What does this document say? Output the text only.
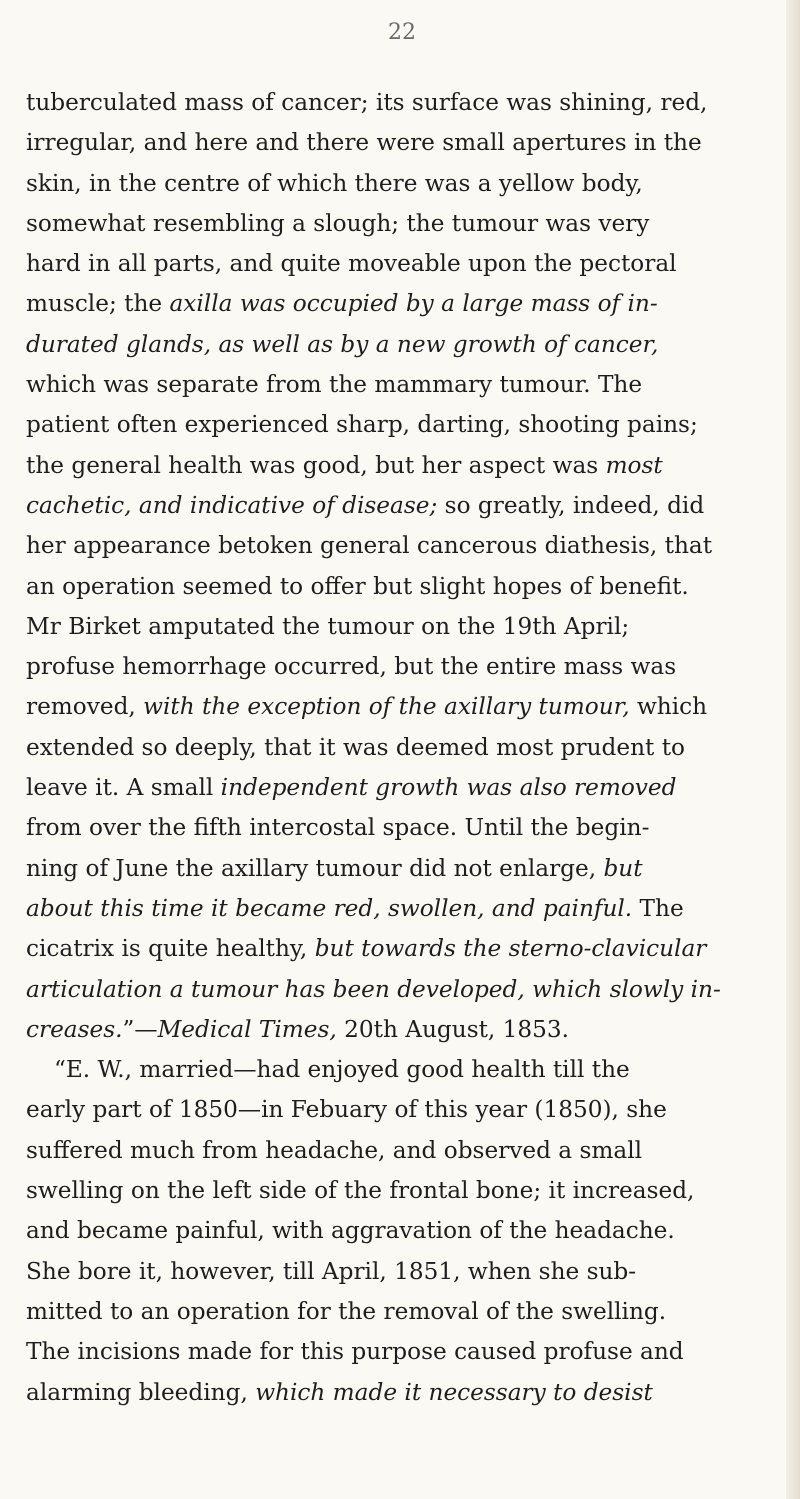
22
tuberculated mass of cancer; its surface was shining, red,
irregular, and here and there were small apertures in the
skin, in the centre of which there was a yellow body,
somewhat resembling a slough; the tumour was very
hard in all parts, and quite moveable upon the pectoral
muscle; the axilla was occupied by a large mass of in-
durated glands, as well as by a new growth of cancer,
which was separate from the mammary tumour. The
patient often experienced sharp, darting, shooting pains;
the general health was good, but her aspect was most
cachetic, and indicative of disease; so greatly, indeed, did
her appearance betoken general cancerous diathesis, that
an operation seemed to offer but slight hopes of benefit.
Mr Birket amputated the tumour on the 19th April;
profuse hemorrhage occurred, but the entire mass was
removed, with the exception of the axillary tumour, which
extended so deeply, that it was deemed most prudent to
leave it. A small independent growth was also removed
from over the fifth intercostal space. Until the begin-
ning of June the axillary tumour did not enlarge, but
about this time it became red, swollen, and painful. The
cicatrix is quite healthy, but towards the sterno-clavicular
articulation a tumour has been developed, which slowly in-
creases.”—Medical Times, 20th August, 1853.
“E. W., married—had enjoyed good health till the
early part of 1850—in Febuary of this year (1850), she
suffered much from headache, and observed a small
swelling on the left side of the frontal bone; it increased,
and became painful, with aggravation of the headache.
She bore it, however, till April, 1851, when she sub-
mitted to an operation for the removal of the swelling.
The incisions made for this purpose caused profuse and
alarming bleeding, which made it necessary to desist
